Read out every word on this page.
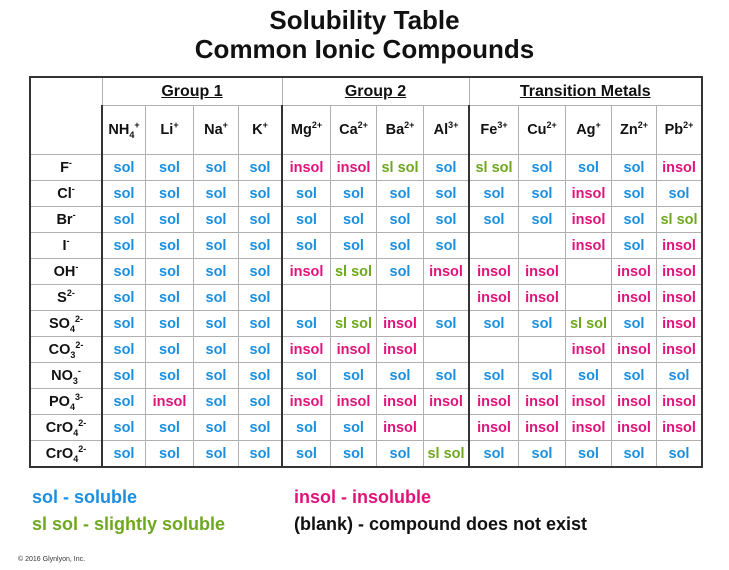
Solubility Table
Common Ionic Compounds
	Group 1				Group 2				Transition Metals				
	$NH_4^+$	Li+	Na+	K+	$Mg^{2+}$	$Ca^{2+}$	$Ba^{2+}$	$Al^{3+}$	$Fe^{3+}$	$Cu^{2+}$	Ag+	$Zn^{2+}$	$Pb^{2+}$
F-	sol	sol	sol	sol	insol	insol	sl sol	sol	sl sol	sol	sol	sol	insol
Cl-	sol	sol	sol	sol	sol	sol	sol	sol	sol	sol	insol	sol	sol
Br-	sol	sol	sol	sol	sol	sol	sol	sol	sol	sol	insol	sol	sl sol
I-	sol	sol	sol	sol	sol	sol	sol	sol			insol	sol	insol
OH-	sol	sol	sol	sol	insol	sl sol	sol	insol	insol	insol		insol	insol
$S^{2-}$	sol	sol	sol	sol					insol	insol		insol	insol
$SO_4^{2-}$	sol	sol	sol	sol	sol	sl sol	insol	sol	sol	sol	sl sol	sol	insol
$CO_3^{2-}$	sol	sol	sol	sol	insol	insol	insol				insol	insol	insol
$NO_3^-$	sol	sol	sol	sol	sol	sol	sol	sol	sol	sol	sol	sol	sol
$PO_4^{3-}$	sol	insol	sol	sol	insol	insol	insol	insol	insol	insol	insol	insol	insol
CrO$_4^{2-}$	sol	sol	sol	sol	sol	sol	insol		insol	insol	insol	insol	insol
CrO$_4^{2-}$	sol	sol	sol	sol	sol	sol	sol	sl sol	sol	sol	sol	sol	sol
sol - soluble	insol - insoluble
sl sol - slightly soluble	(blank) - compound does not exist
© 2016 Glynlyon, Inc.
